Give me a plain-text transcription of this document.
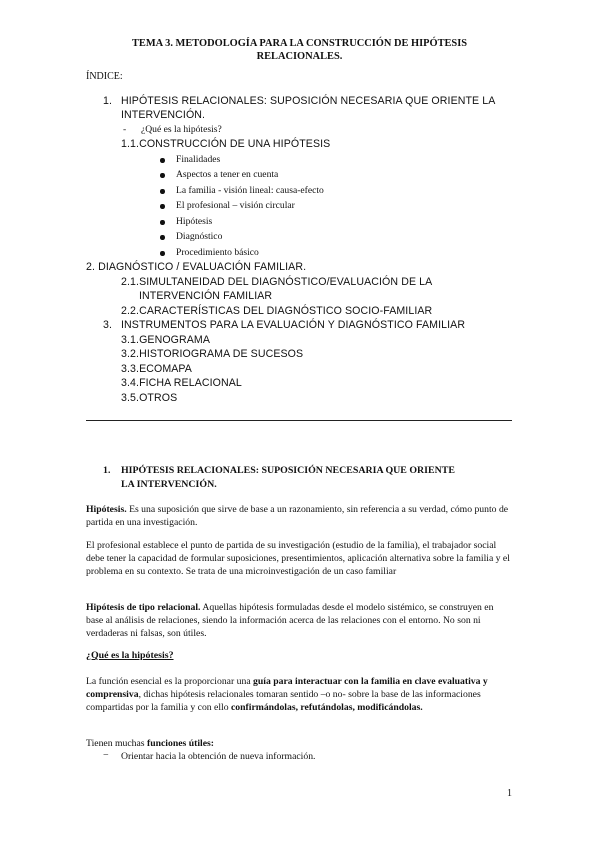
TEMA 3. METODOLOGÍA PARA LA CONSTRUCCIÓN DE HIPÓTESIS
RELACIONALES.
ÍNDICE:
1. HIPÓTESIS RELACIONALES: SUPOSICIÓN NECESARIA QUE ORIENTE LA
INTERVENCIÓN.
- ¿Qué es la hipótesis?
1.1.CONSTRUCCIÓN DE UNA HIPÓTESIS
Finalidades
Aspectos a tener en cuenta
La familia - visión lineal: causa-efecto
El profesional – visión circular
Hipótesis
Diagnóstico
Procedimiento básico
2. DIAGNÓSTICO / EVALUACIÓN FAMILIAR.
2.1.SIMULTANEIDAD DEL DIAGNÓSTICO/EVALUACIÓN DE LA
INTERVENCIÓN FAMILIAR
2.2.CARACTERÍSTICAS DEL DIAGNÓSTICO SOCIO-FAMILIAR
3. INSTRUMENTOS PARA LA EVALUACIÓN Y DIAGNÓSTICO FAMILIAR
3.1.GENOGRAMA
3.2.HISTORIOGRAMA DE SUCESOS
3.3.ECOMAPA
3.4.FICHA RELACIONAL
3.5.OTROS
1. HIPÓTESIS RELACIONALES: SUPOSICIÓN NECESARIA QUE ORIENTE
LA INTERVENCIÓN.
Hipótesis. Es una suposición que sirve de base a un razonamiento, sin referencia a su verdad, cómo punto de partida en una investigación.
El profesional establece el punto de partida de su investigación (estudio de la familia), el trabajador social debe tener la capacidad de formular suposiciones, presentimientos, aplicación alternativa sobre la familia y el problema en su contexto. Se trata de una microinvestigación de un caso familiar
Hipótesis de tipo relacional. Aquellas hipótesis formuladas desde el modelo sistémico, se construyen en base al análisis de relaciones, siendo la información acerca de las relaciones con el entorno. No son ni verdaderas ni falsas, son útiles.
¿Qué es la hipótesis?
La función esencial es la proporcionar una guía para interactuar con la familia en clave evaluativa y comprensiva, dichas hipótesis relacionales tomaran sentido –o no- sobre la base de las informaciones compartidas por la familia y con ello confirmándolas, refutándolas, modificándolas.
Tienen muchas funciones útiles:
− Orientar hacia la obtención de nueva información.
1
